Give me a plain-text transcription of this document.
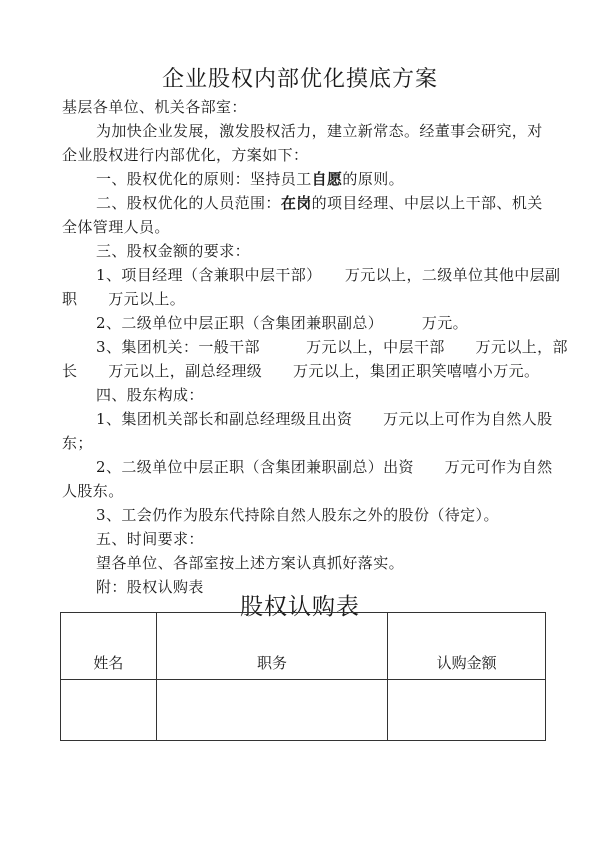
企业股权内部优化摸底方案
基层各单位、机关各部室：
为加快企业发展，激发股权活力，建立新常态。经董事会研究，对
企业股权进行内部优化，方案如下：
一、股权优化的原则：坚持员工自愿的原则。
二、股权优化的人员范围：在岗的项目经理、中层以上干部、机关
全体管理人员。
三、股权金额的要求：
1、项目经理（含兼职中层干部）　　万元以上，二级单位其他中层副
职　　万元以上。
2、二级单位中层正职（含集团兼职副总）　　　万元。
3、集团机关：一般干部　　　万元以上，中层干部　　万元以上，部
长　　万元以上，副总经理级　　万元以上，集团正职笑嘻嘻小万元。
四、股东构成：
1、集团机关部长和副总经理级且出资　　万元以上可作为自然人股
东；
2、二级单位中层正职（含集团兼职副总）出资　　万元可作为自然
人股东。
3、工会仍作为股东代持除自然人股东之外的股份（待定）。
五、时间要求：
望各单位、各部室按上述方案认真抓好落实。
附：股权认购表
股权认购表
姓名	职务	认购金额
